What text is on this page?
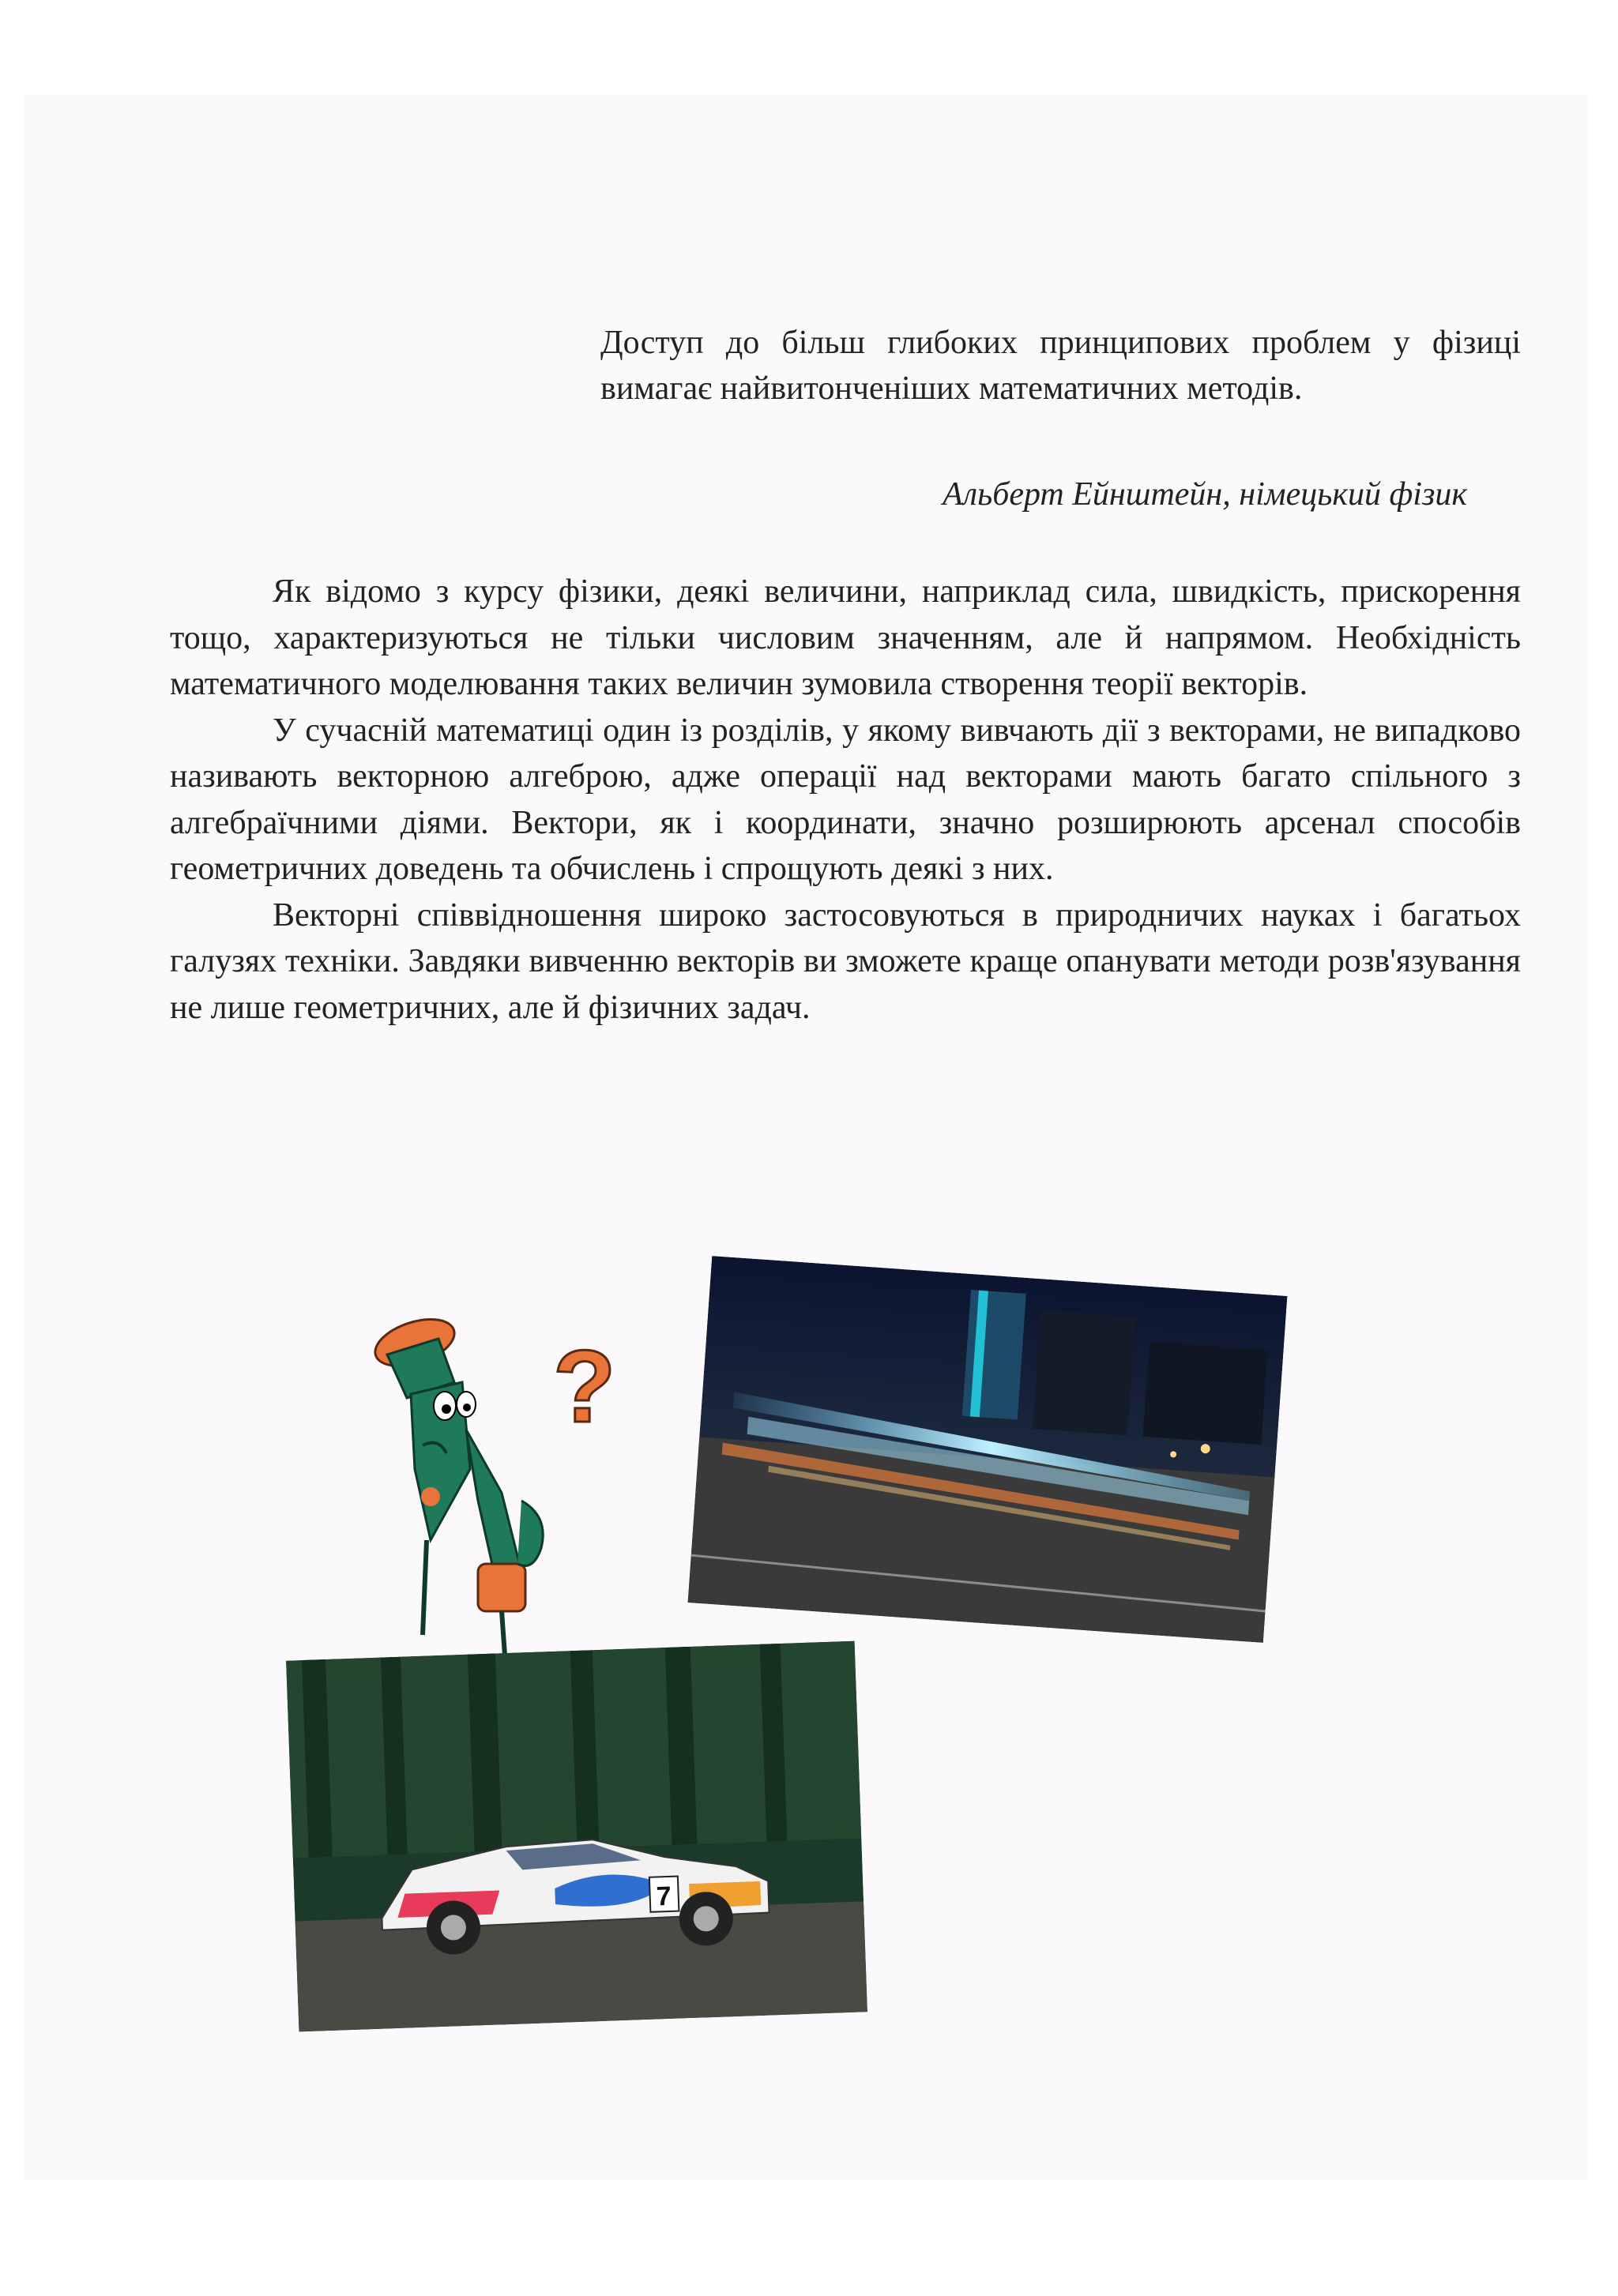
Доступ до більш глибоких принципових проблем у фізиці вимагає найвитонченіших математичних методів.
Альберт Ейнштейн, німецький фізик

Як відомо з курсу фізики, деякі величини, наприклад сила, швидкість, прискорення тощо, характеризуються не тільки числовим значенням, але й напрямом. Необхідність математичного моделювання таких величин зумовила створення теорії векторів.

У сучасній математиці один із розділів, у якому вивчають дії з векторами, не випадково називають векторною алгеброю, адже операції над векторами мають багато спільного з алгебраїчними діями. Вектори, як і координати, значно розширюють арсенал способів геометричних доведень та обчислень і спрощують деякі з них.

Векторні співвідношення широко застосовуються в природничих науках і багатьох галузях техніки. Завдяки вивченню векторів ви зможете краще опанувати методи розв'язування не лише геометричних, але й фізичних задач.

?
7
